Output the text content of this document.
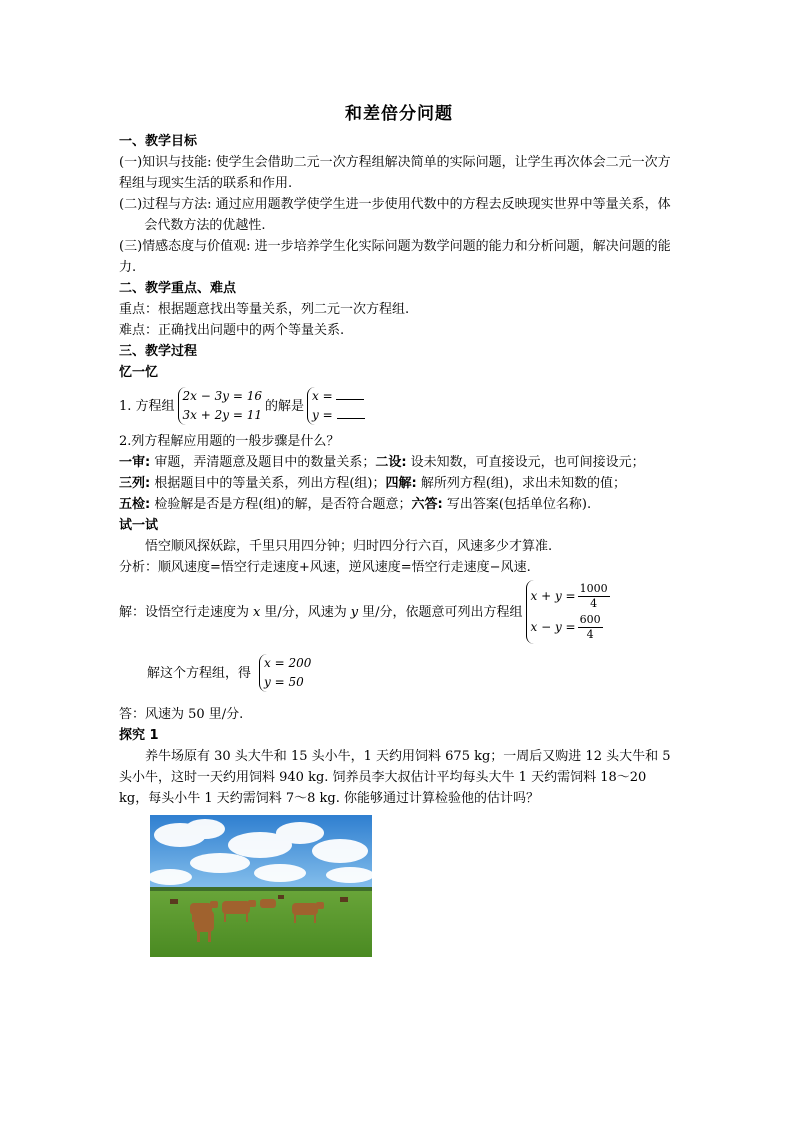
和差倍分问题
一、教学目标

(一)知识与技能: 使学生会借助二元一次方程组解决简单的实际问题，让学生再次体会二元一次方程组与现实生活的联系和作用.

(二)过程与方法: 通过应用题教学使学生进一步使用代数中的方程去反映现实世界中等量关系，体会代数方法的优越性.

(三)情感态度与价值观: 进一步培养学生化实际问题为数学问题的能力和分析问题，解决问题的能力.

二、教学重点、难点

重点：根据题意找出等量关系，列二元一次方程组.

难点：正确找出问题中的两个等量关系.

三、教学过程
忆一忆
1. 方程组
2x − 3y = 16
3x + 2y = 11
的解是
x =
y =

2.列方程解应用题的一般步骤是什么？

一审: 审题，弄清题意及题目中的数量关系；二设: 设未知数，可直接设元，也可间接设元；

三列: 根据题目中的等量关系，列出方程(组)；四解: 解所列方程(组)，求出未知数的值；

五检: 检验解是否是方程(组)的解，是否符合题意；六答: 写出答案(包括单位名称).

试一试

悟空顺风探妖踪，千里只用四分钟；归时四分行六百，风速多少才算准.

分析：顺风速度=悟空行走速度+风速，逆风速度=悟空行走速度−风速.

解：设悟空行走速度为 x 里/分，风速为 y 里/分，依题意可列出方程组
$x + y = \frac{1000}{4}$
$x - y = \frac{600}{4}$
解这个方程组，得
x = 200
y = 50

答：风速为 50 里/分.

探究 1

养牛场原有 30 头大牛和 15 头小牛，1 天约用饲料 675 kg；一周后又购进 12 头大牛和 5 头小牛，这时一天约用饲料 940 kg. 饲养员李大叔估计平均每头大牛 1 天约需饲料 18～20 kg，每头小牛 1 天约需饲料 7～8 kg. 你能够通过计算检验他的估计吗？
